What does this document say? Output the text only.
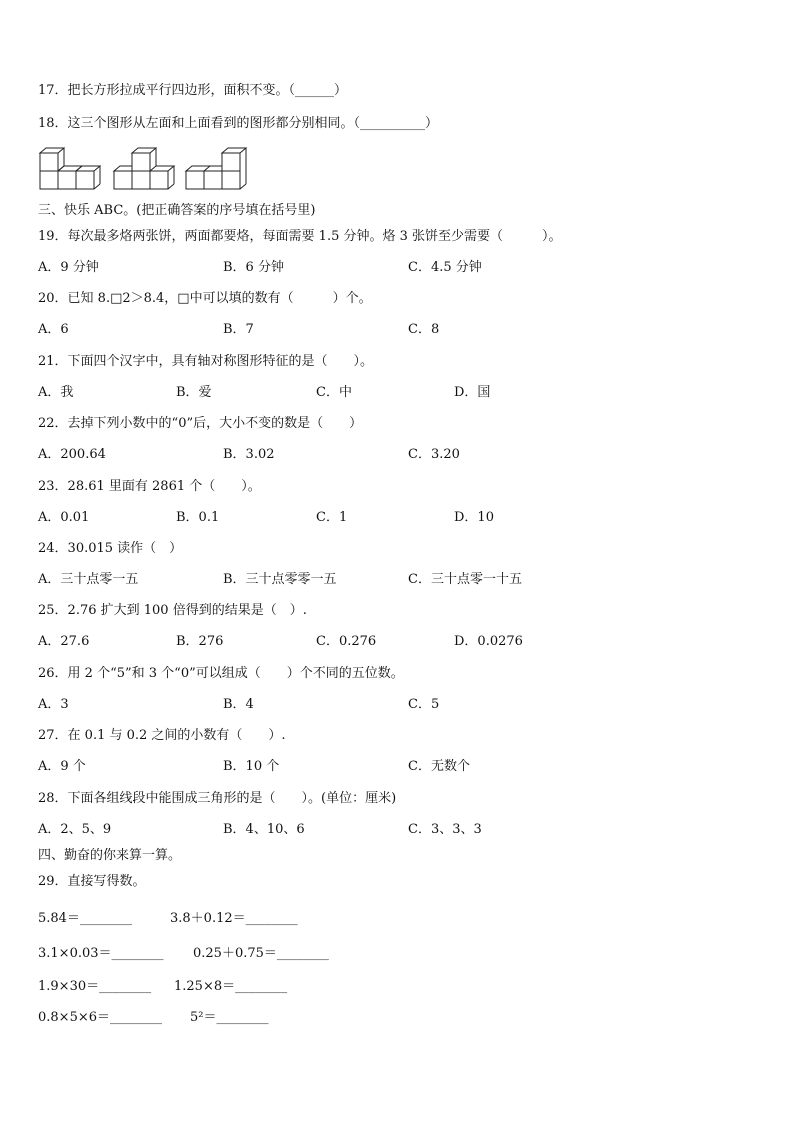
17．把长方形拉成平行四边形，面积不变。（______）
18．这三个图形从左面和上面看到的图形都分别相同。（__________）
三、快乐 ABC。(把正确答案的序号填在括号里)
19．每次最多烙两张饼，两面都要烙，每面需要 1.5 分钟。烙 3 张饼至少需要（　　　）。
A．9 分钟	B．6 分钟	C．4.5 分钟
20．已知 8.□2＞8.4，□中可以填的数有（　　　）个。
A．6	B．7	C．8
21．下面四个汉字中，具有轴对称图形特征的是（　　）。
A．我	B．爱	C．中	D．国
22．去掉下列小数中的“0”后，大小不变的数是（　　）
A．200.64	B．3.02	C．3.20
23．28.61 里面有 2861 个（　　）。
A．0.01	B．0.1	C．1	D．10
24．30.015 读作（　）
A．三十点零一五	B．三十点零零一五	C．三十点零一十五
25．2.76 扩大到 100 倍得到的结果是（　）.
A．27.6	B．276	C．0.276	D．0.0276
26．用 2 个“5”和 3 个“0”可以组成（　　）个不同的五位数。
A．3	B．4	C．5
27．在 0.1 与 0.2 之间的小数有（　　）.
A．9 个	B．10 个	C．无数个
28．下面各组线段中能围成三角形的是（　　）。(单位：厘米)
A．2、5、9	B．4、10、6	C．3、3、3
四、勤奋的你来算一算。
29．直接写得数。
5.84＝________	3.8＋0.12＝________
3.1×0.03＝________ 0.25＋0.75＝________
1.9×30＝________ 1.25×8＝________
0.8×5×6＝________ 5²＝________
